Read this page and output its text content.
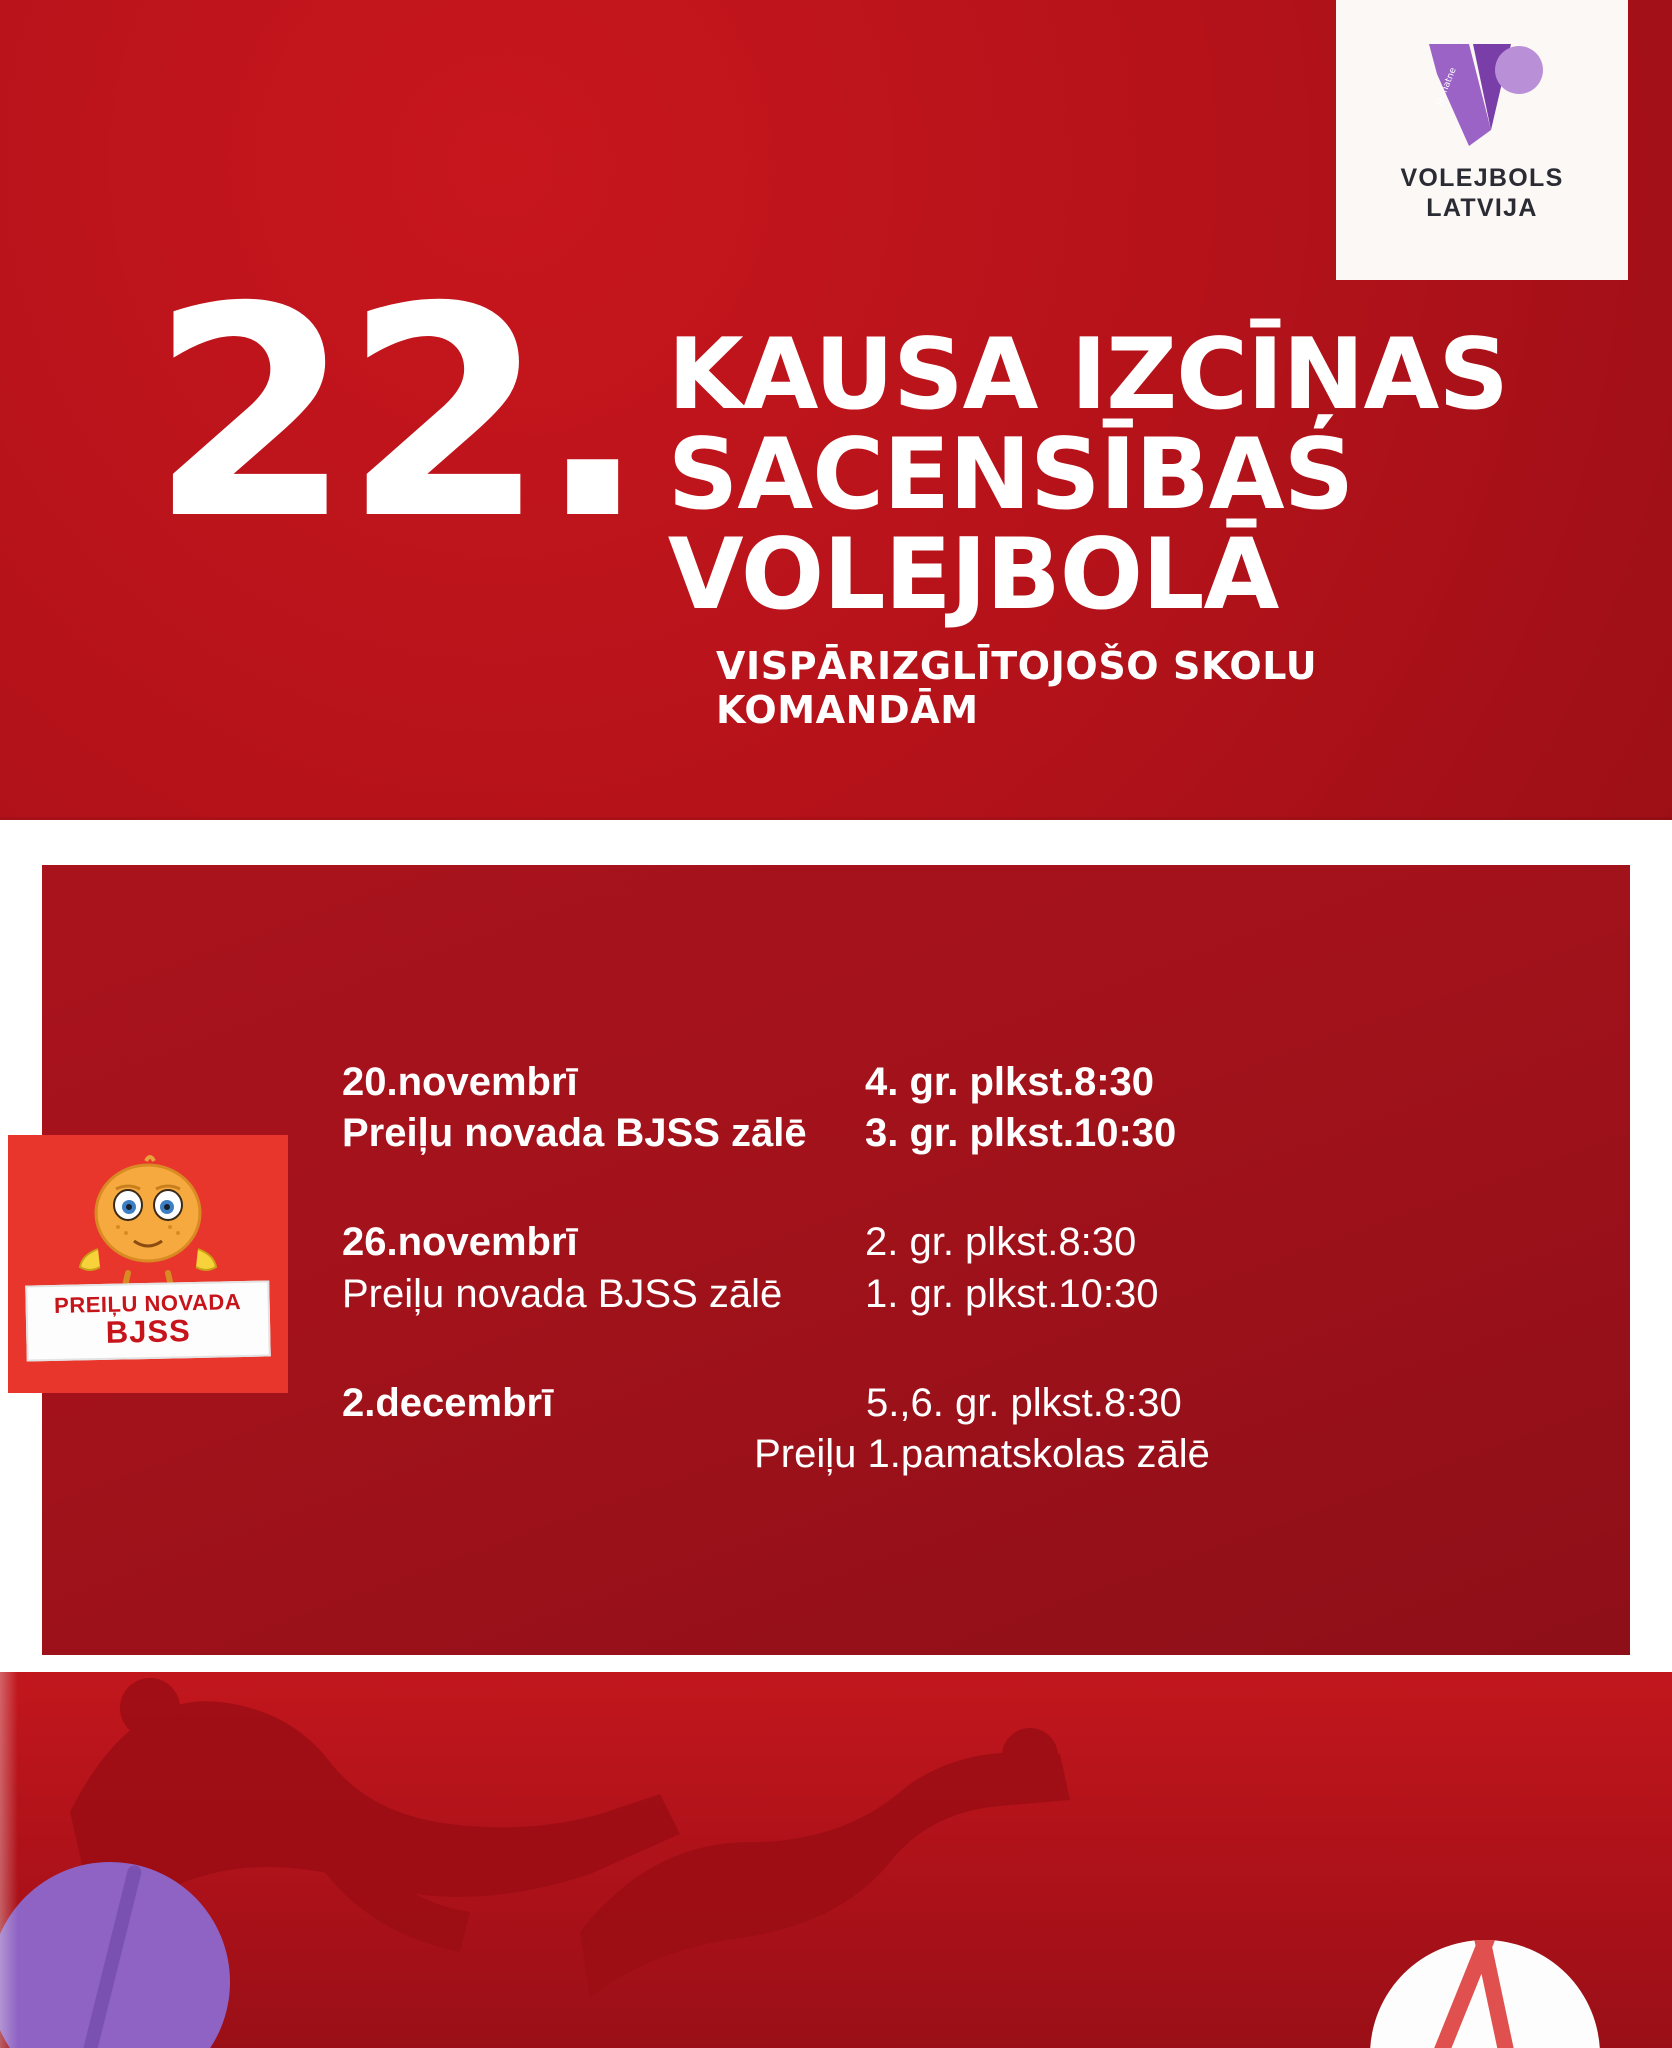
Jaunatne
VOLEJBOLS
LATVIJA
22. KAUSA IZCĪŅAS
SACENSĪBAS
VOLEJBOLĀ
VISPĀRIZGLĪTOJOŠO SKOLU KOMANDĀM
20.novembrī	4. gr. plkst.8:30
Preiļu novada BJSS zālē	3. gr. plkst.10:30
26.novembrī	2. gr. plkst.8:30
Preiļu novada BJSS zālē	1. gr. plkst.10:30
2.decembrī	5.,6. gr. plkst.8:30
Preiļu 1.pamatskolas zālē
PREIĻU NOVADA
BJSS
